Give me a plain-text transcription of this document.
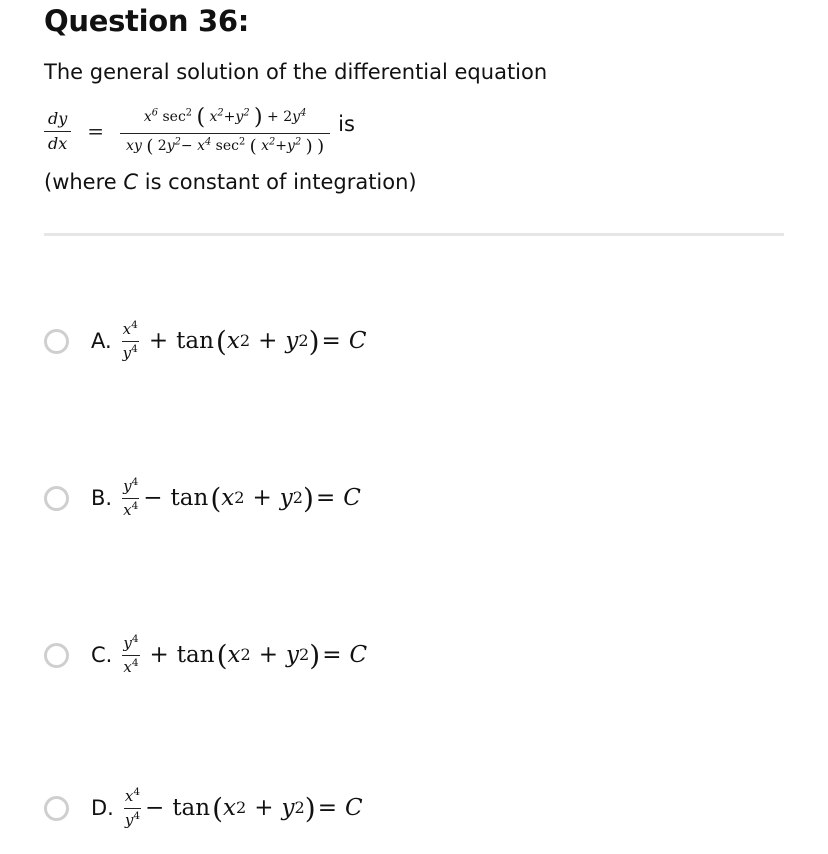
Question 36:
The general solution of the differential equation
$\frac{dy}{dx} = \frac{x^6 \sec^2 ( x^2+y^2 ) + 2y^4}{xy ( 2y^2- x^4 \sec^2 ( x^2+y^2 ) )}$ is
(where C is constant of integration)
A. $\frac{x^4}{y^4} + \tan$ ( x 2 + y 2 ) = C
B. $\frac{y^4}{x^4} - \tan$ ( x 2 + y 2 ) = C
C. $\frac{y^4}{x^4} + \tan$ ( x 2 + y 2 ) = C
D. $\frac{x^4}{y^4} - \tan$ ( x 2 + y 2 ) = C
